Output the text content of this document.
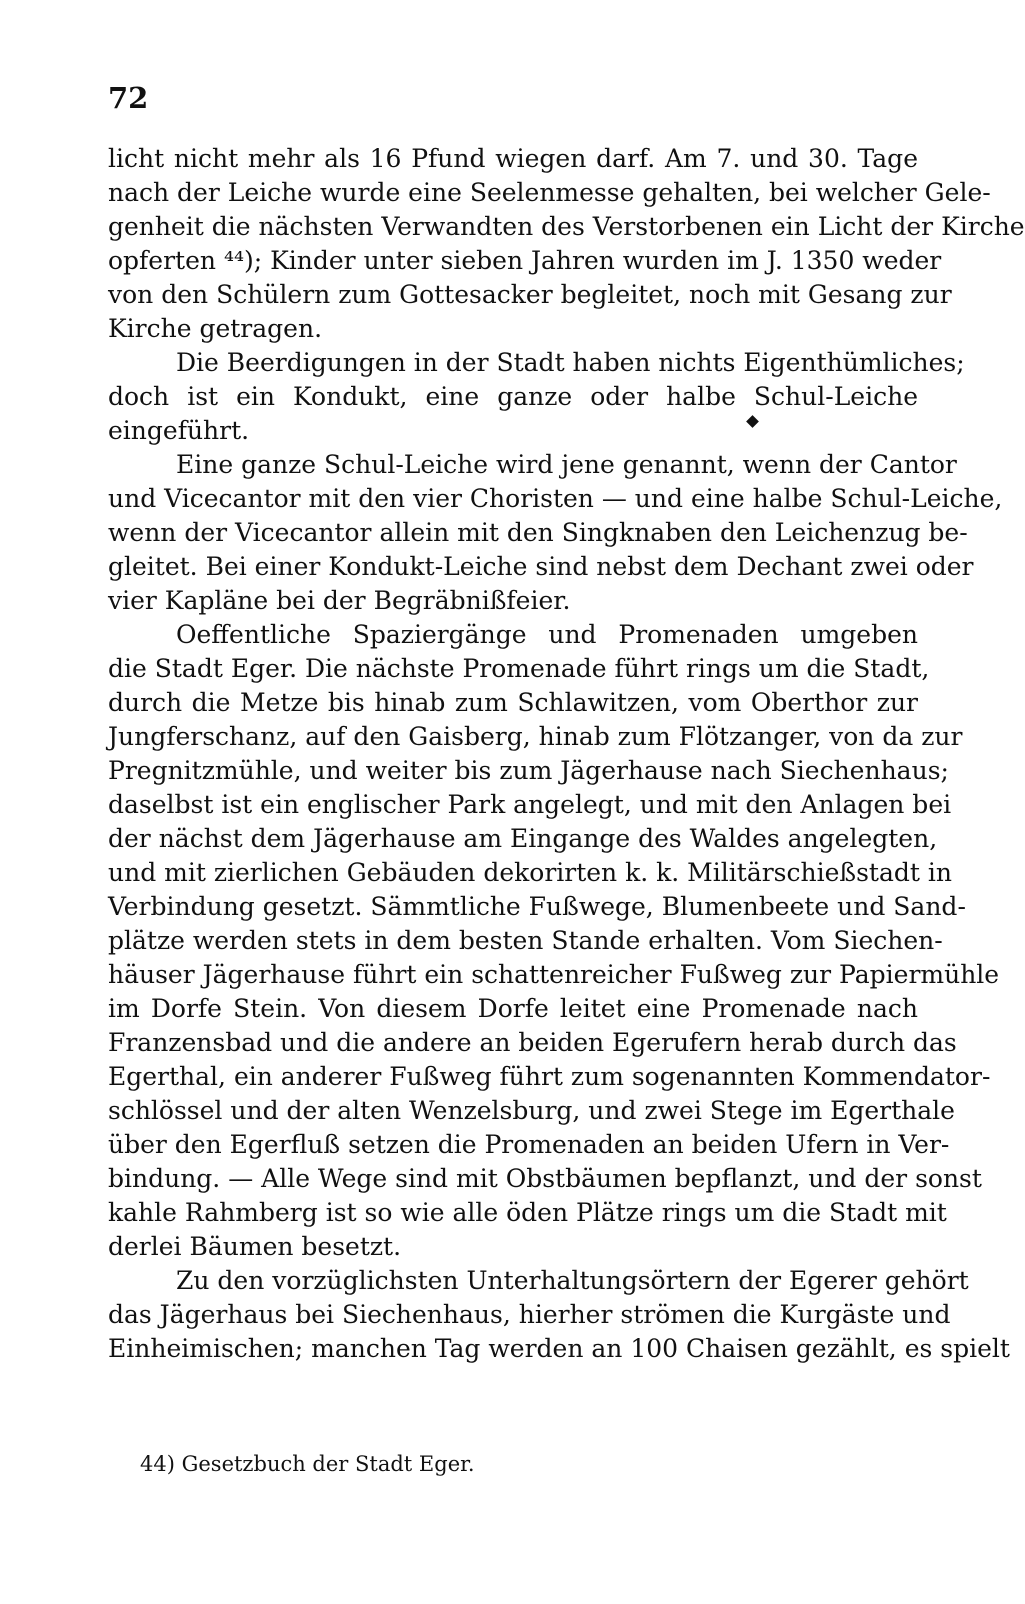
72
licht nicht mehr als 16 Pfund wiegen darf. Am 7. und 30. Tage
nach der Leiche wurde eine Seelenmesse gehalten, bei welcher Gele-
genheit die nächsten Verwandten des Verstorbenen ein Licht der Kirche
opferten ⁴⁴); Kinder unter sieben Jahren wurden im J. 1350 weder
von den Schülern zum Gottesacker begleitet, noch mit Gesang zur
Kirche getragen.
Die Beerdigungen in der Stadt haben nichts Eigenthümliches;
doch ist ein Kondukt, eine ganze oder halbe Schul-Leiche
eingeführt.
Eine ganze Schul-Leiche wird jene genannt, wenn der Cantor
und Vicecantor mit den vier Choristen — und eine halbe Schul-Leiche,
wenn der Vicecantor allein mit den Singknaben den Leichenzug be-
gleitet. Bei einer Kondukt-Leiche sind nebst dem Dechant zwei oder
vier Kapläne bei der Begräbnißfeier.
Oeffentliche Spaziergänge und Promenaden umgeben
die Stadt Eger. Die nächste Promenade führt rings um die Stadt,
durch die Metze bis hinab zum Schlawitzen, vom Oberthor zur
Jungferschanz, auf den Gaisberg, hinab zum Flötzanger, von da zur
Pregnitzmühle, und weiter bis zum Jägerhause nach Siechenhaus;
daselbst ist ein englischer Park angelegt, und mit den Anlagen bei
der nächst dem Jägerhause am Eingange des Waldes angelegten,
und mit zierlichen Gebäuden dekorirten k. k. Militärschießstadt in
Verbindung gesetzt. Sämmtliche Fußwege, Blumenbeete und Sand-
plätze werden stets in dem besten Stande erhalten. Vom Siechen-
häuser Jägerhause führt ein schattenreicher Fußweg zur Papiermühle
im Dorfe Stein. Von diesem Dorfe leitet eine Promenade nach
Franzensbad und die andere an beiden Egerufern herab durch das
Egerthal, ein anderer Fußweg führt zum sogenannten Kommendator-
schlössel und der alten Wenzelsburg, und zwei Stege im Egerthale
über den Egerfluß setzen die Promenaden an beiden Ufern in Ver-
bindung. — Alle Wege sind mit Obstbäumen bepflanzt, und der sonst
kahle Rahmberg ist so wie alle öden Plätze rings um die Stadt mit
derlei Bäumen besetzt.
Zu den vorzüglichsten Unterhaltungsörtern der Egerer gehört
das Jägerhaus bei Siechenhaus, hierher strömen die Kurgäste und
Einheimischen; manchen Tag werden an 100 Chaisen gezählt, es spielt
44) Gesetzbuch der Stadt Eger.
